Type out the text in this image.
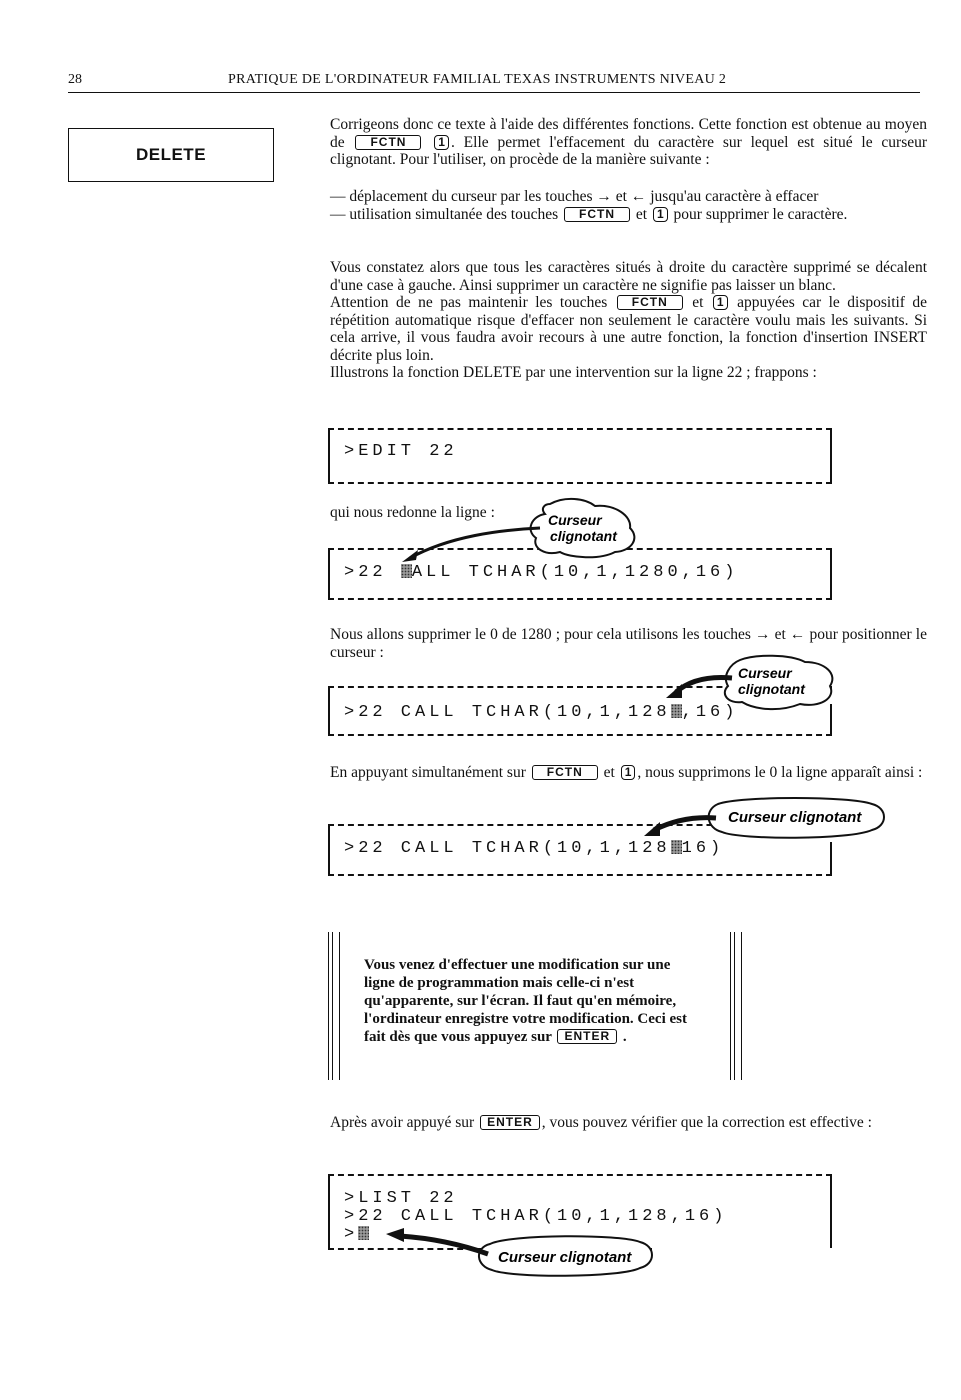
28	PRATIQUE DE L'ORDINATEUR FAMILIAL TEXAS INSTRUMENTS NIVEAU 2
DELETE

Corrigeons donc ce texte à l'aide des différentes fonctions. Cette fonction est obtenue au moyen de FCTN	1 . Elle permet l'effacement du caractère sur lequel est situé le curseur clignotant. Pour l'utiliser, on procède de la manière suivante :

— déplacement du curseur par les touches → et ← jusqu'au caractère à effacer
— utilisation simultanée des touches FCTN et 1 pour supprimer le caractère.

Vous constatez alors que tous les caractères situés à droite du caractère supprimé se décalent d'une case à gauche. Ainsi supprimer un caractère ne signifie pas laisser un blanc.
Attention de ne pas maintenir les touches FCTN et 1 appuyées car le dispositif de répétition automatique risque d'effacer non seulement le caractère voulu mais les suivants. Si cela arrive, il vous faudra avoir recours à une autre fonction, la fonction d'insertion INSERT décrite plus loin.
Illustrons la fonction DELETE par une intervention sur la ligne 22 ; frappons :

>EDIT 22

qui nous redonne la ligne :

>22 ALL TCHAR(10,1,1280,16)
Curseur
clignotant

Nous allons supprimer le 0 de 1280 ; pour cela utilisons les touches → et ← pour positionner le curseur :

>22 CALL TCHAR(10,1,128 ,16)
Curseur
clignotant

En appuyant simultanément sur FCTN et 1 , nous supprimons le 0 la ligne apparaît ainsi :

>22 CALL TCHAR(10,1,128 16)
Curseur clignotant

Vous venez d'effectuer une modification sur une ligne de programmation mais celle-ci n'est qu'apparente, sur l'écran. Il faut qu'en mémoire, l'ordinateur enregistre votre modification. Ceci est fait dès que vous appuyez sur ENTER .

Après avoir appuyé sur ENTER , vous pouvez vérifier que la correction est effective :

>LIST 22
>22 CALL TCHAR(10,1,128,16)
>
Curseur clignotant
